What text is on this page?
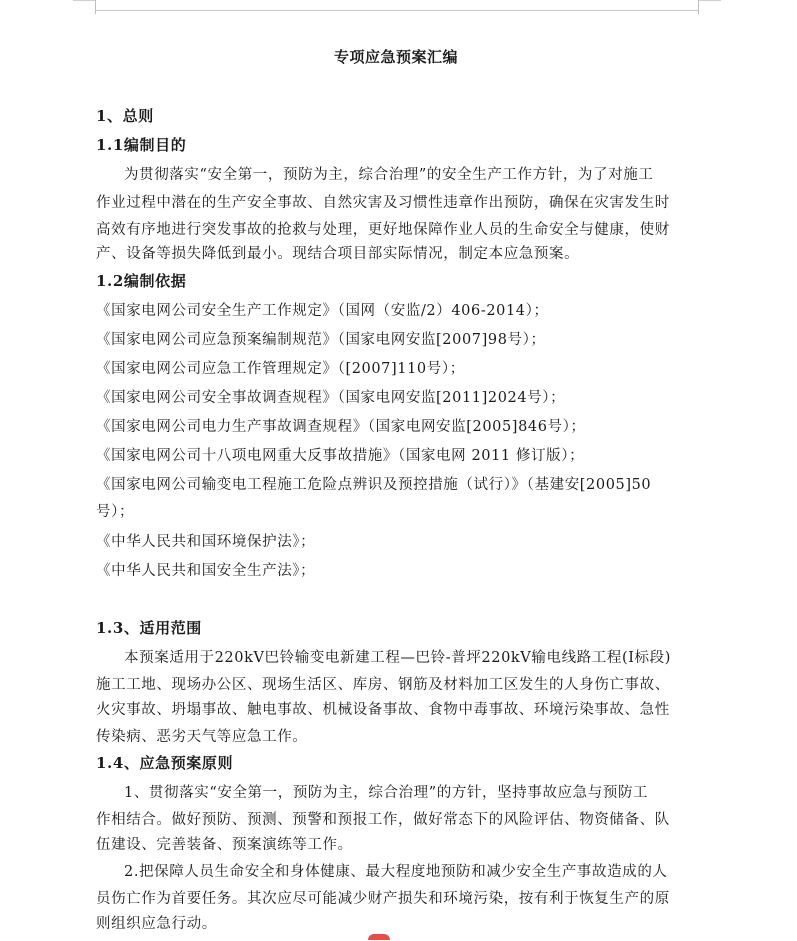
专项应急预案汇编
1、总则
1.1编制目的
为贯彻落实“安全第一，预防为主，综合治理”的安全生产工作方针，为了对施工
作业过程中潜在的生产安全事故、自然灾害及习惯性违章作出预防，确保在灾害发生时
高效有序地进行突发事故的抢救与处理，更好地保障作业人员的生命安全与健康，使财
产、设备等损失降低到最小。现结合项目部实际情况，制定本应急预案。
1.2编制依据
《国家电网公司安全生产工作规定》（国网（安监/2）406-2014）；
《国家电网公司应急预案编制规范》（国家电网安监[2007]98号）；
《国家电网公司应急工作管理规定》（[2007]110号）；
《国家电网公司安全事故调查规程》（国家电网安监[2011]2024号）；
《国家电网公司电力生产事故调查规程》（国家电网安监[2005]846号）；
《国家电网公司十八项电网重大反事故措施》（国家电网 2011 修订版）；
《国家电网公司输变电工程施工危险点辨识及预控措施（试行）》（基建安[2005]50
号）；
《中华人民共和国环境保护法》；
《中华人民共和国安全生产法》；
1.3、适用范围
本预案适用于220kV巴铃输变电新建工程—巴铃-普坪220kV输电线路工程(I标段)
施工工地、现场办公区、现场生活区、库房、钢筋及材料加工区发生的人身伤亡事故、
火灾事故、坍塌事故、触电事故、机械设备事故、食物中毒事故、环境污染事故、急性
传染病、恶劣天气等应急工作。
1.4、应急预案原则
1、贯彻落实“安全第一，预防为主，综合治理”的方针，坚持事故应急与预防工
作相结合。做好预防、预测、预警和预报工作，做好常态下的风险评估、物资储备、队
伍建设、完善装备、预案演练等工作。
2.把保障人员生命安全和身体健康、最大程度地预防和减少安全生产事故造成的人
员伤亡作为首要任务。其次应尽可能减少财产损失和环境污染，按有利于恢复生产的原
则组织应急行动。
